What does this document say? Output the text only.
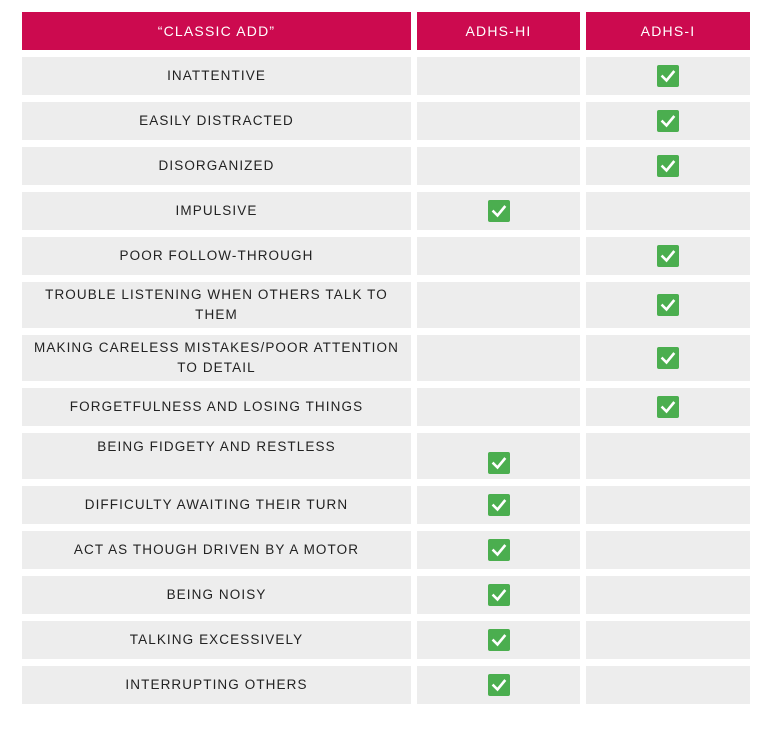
“CLASSIC ADD”	ADHS-HI	ADHS-I
INATTENTIVE
EASILY DISTRACTED
DISORGANIZED
IMPULSIVE
POOR FOLLOW-THROUGH
TROUBLE LISTENING WHEN OTHERS TALK TO THEM
MAKING CARELESS MISTAKES/POOR ATTENTION TO DETAIL
FORGETFULNESS AND LOSING THINGS
BEING FIDGETY AND RESTLESS
DIFFICULTY AWAITING THEIR TURN
ACT AS THOUGH DRIVEN BY A MOTOR
BEING NOISY
TALKING EXCESSIVELY
INTERRUPTING OTHERS
